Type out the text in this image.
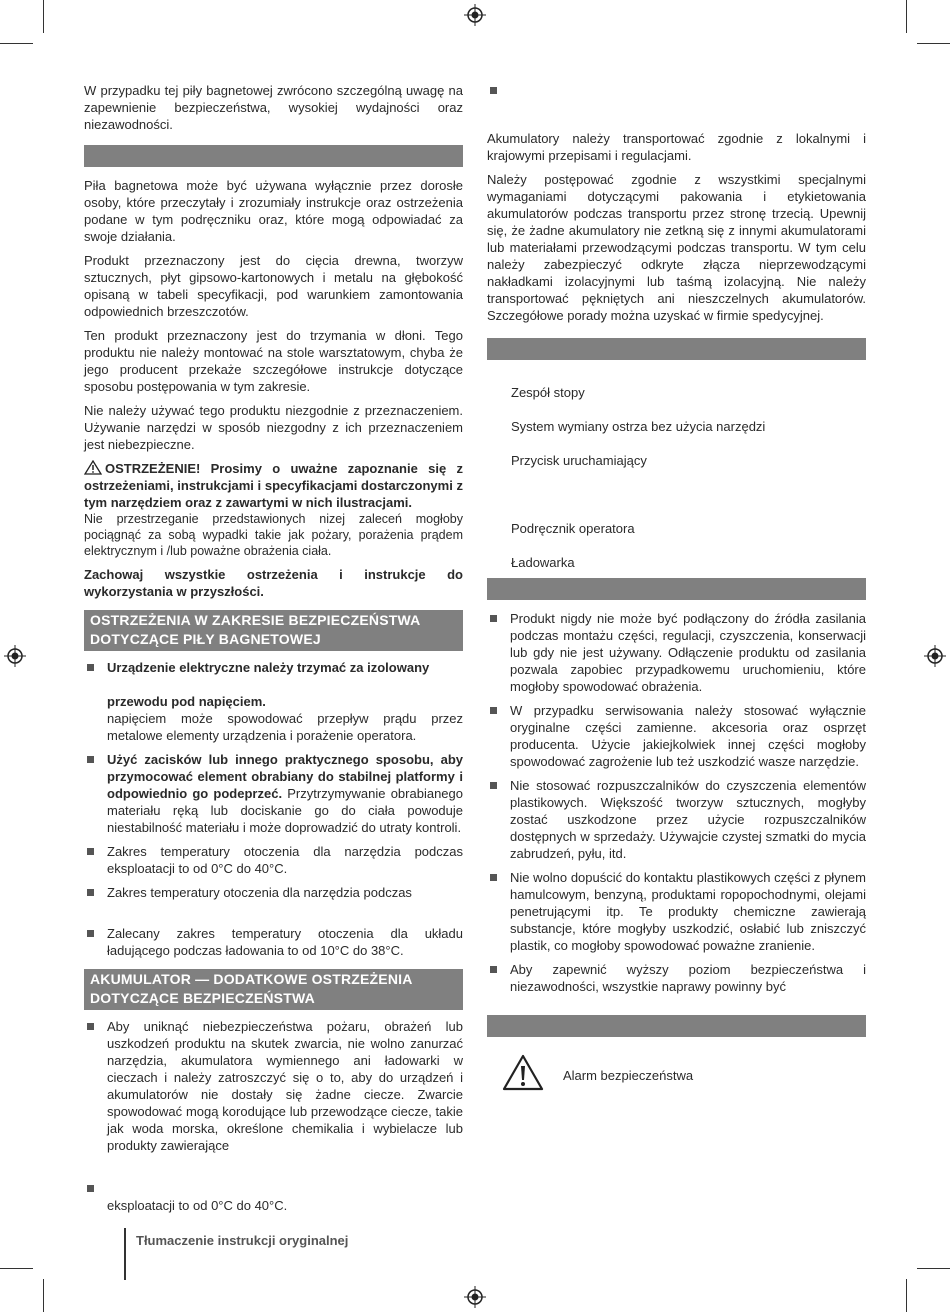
W przypadku tej piły bagnetowej zwrócono szczególną uwagę na zapewnienie bezpieczeństwa, wysokiej wydajności oraz niezawodności.

Piła bagnetowa może być używana wyłącznie przez dorosłe osoby, które przeczytały i zrozumiały instrukcje oraz ostrzeżenia podane w tym podręczniku oraz, które mogą odpowiadać za swoje działania.

Produkt przeznaczony jest do cięcia drewna, tworzyw sztucznych, płyt gipsowo-kartonowych i metalu na głębokość opisaną w tabeli specyfikacji, pod warunkiem zamontowania odpowiednich brzeszczotów.

Ten produkt przeznaczony jest do trzymania w dłoni. Tego produktu nie należy montować na stole warsztatowym, chyba że jego producent przekaże szczegółowe instrukcje dotyczące sposobu postępowania w tym zakresie.

Nie należy używać tego produktu niezgodnie z przeznaczeniem. Używanie narzędzi w sposób niezgodny z ich przeznaczeniem jest niebezpieczne.

OSTRZEŻENIE! Prosimy o uważne zapoznanie się z ostrzeżeniami, instrukcjami i specyfikacjami dostarczonymi z tym narzędziem oraz z zawartymi w nich ilustracjami.
Nie przestrzeganie przedstawionych nizej zaleceń mogłoby pociągnąć za sobą wypadki takie jak pożary, porażenia prądem elektrycznym i /lub poważne obrażenia ciała.

Zachowaj wszystkie ostrzeżenia i instrukcje do wykorzystania w przyszłości.

OSTRZEŻENIA W ZAKRESIE BEZPIECZEŃSTWA
DOTYCZĄCE PIŁY BAGNETOWEJ
Urządzenie elektryczne należy trzymać za izolowany
przewodu pod napięciem.
napięciem może spowodować przepływ prądu przez metalowe elementy urządzenia i porażenie operatora.
Użyć zacisków lub innego praktycznego sposobu, aby przymocować element obrabiany do stabilnej platformy i odpowiednio go podeprzeć. Przytrzymywanie obrabianego materiału ręką lub dociskanie go do ciała powoduje niestabilność materiału i może doprowadzić do utraty kontroli.
Zakres temperatury otoczenia dla narzędzia podczas eksploatacji to od 0°C do 40°C.
Zakres temperatury otoczenia dla narzędzia podczas
Zalecany zakres temperatury otoczenia dla układu ładującego podczas ładowania to od 10°C do 38°C.
AKUMULATOR — DODATKOWE OSTRZEŻENIA
DOTYCZĄCE BEZPIECZEŃSTWA
Aby uniknąć niebezpieczeństwa pożaru, obrażeń lub uszkodzeń produktu na skutek zwarcia, nie wolno zanurzać narzędzia, akumulatora wymiennego ani ładowarki w cieczach i należy zatroszczyć się o to, aby do urządzeń i akumulatorów nie dostały się żadne ciecze. Zwarcie spowodować mogą korodujące lub przewodzące ciecze, takie jak woda morska, określone chemikalia i wybielacze lub produkty zawierające
eksploatacji to od 0°C do 40°C.

Akumulatory należy transportować zgodnie z lokalnymi i krajowymi przepisami i regulacjami.

Należy postępować zgodnie z wszystkimi specjalnymi wymaganiami dotyczącymi pakowania i etykietowania akumulatorów podczas transportu przez stronę trzecią. Upewnij się, że żadne akumulatory nie zetkną się z innymi akumulatorami lub materiałami przewodzącymi podczas transportu. W tym celu należy zabezpieczyć odkryte złącza nieprzewodzącymi nakładkami izolacyjnymi lub taśmą izolacyjną. Nie należy transportować pękniętych ani nieszczelnych akumulatorów. Szczegółowe porady można uzyskać w firmie spedycyjnej.

Zespół stopy
System wymiany ostrza bez użycia narzędzi
Przycisk uruchamiający
Podręcznik operatora
Ładowarka
Produkt nigdy nie może być podłączony do źródła zasilania podczas montażu części, regulacji, czyszczenia, konserwacji lub gdy nie jest używany. Odłączenie produktu od zasilania pozwala zapobiec przypadkowemu uruchomieniu, które mogłoby spowodować obrażenia.
W przypadku serwisowania należy stosować wyłącznie oryginalne części zamienne. akcesoria oraz osprzęt producenta. Użycie jakiejkolwiek innej części mogłoby spowodować zagrożenie lub też uszkodzić wasze narzędzie.
Nie stosować rozpuszczalników do czyszczenia elementów plastikowych. Większość tworzyw sztucznych, mogłyby zostać uszkodzone przez użycie rozpuszczalników dostępnych w sprzedaży. Używajcie czystej szmatki do mycia zabrudzeń, pyłu, itd.
Nie wolno dopuścić do kontaktu plastikowych części z płynem hamulcowym, benzyną, produktami ropopochodnymi, olejami penetrującymi itp. Te produkty chemiczne zawierają substancje, które mogłyby uszkodzić, osłabić lub zniszczyć plastik, co mogłoby spowodować poważne zranienie.
Aby zapewnić wyższy poziom bezpieczeństwa i niezawodności, wszystkie naprawy powinny być
Alarm bezpieczeństwa
Tłumaczenie instrukcji oryginalnej
